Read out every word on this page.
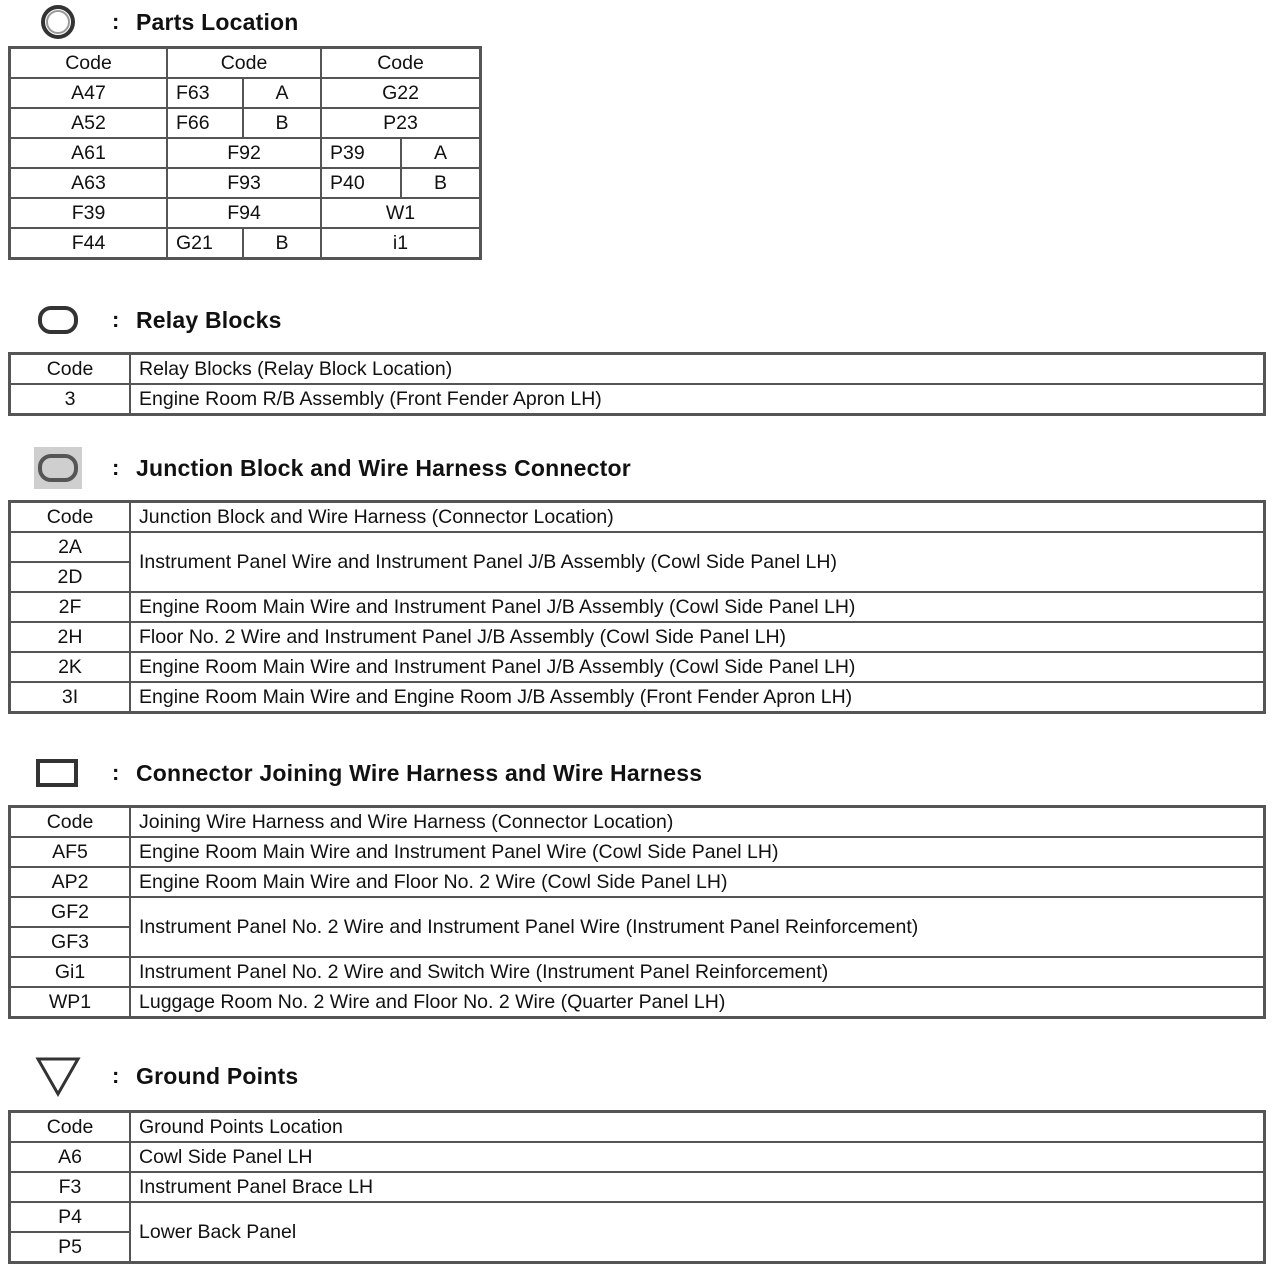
: Parts Location
Code	Code		Code	
A47	F63	A	G22	
A52	F66	B	P23	
A61	F92		P39	A
A63	F93		P40	B
F39	F94		W1	
F44	G21	B	i1	
: Relay Blocks
Code	Relay Blocks (Relay Block Location)
3	Engine Room R/B Assembly (Front Fender Apron LH)
: Junction Block and Wire Harness Connector
Code	Junction Block and Wire Harness (Connector Location)
2A	Instrument Panel Wire and Instrument Panel J/B Assembly (Cowl Side Panel LH)
2D	
2F	Engine Room Main Wire and Instrument Panel J/B Assembly (Cowl Side Panel LH)
2H	Floor No. 2 Wire and Instrument Panel J/B Assembly (Cowl Side Panel LH)
2K	Engine Room Main Wire and Instrument Panel J/B Assembly (Cowl Side Panel LH)
3I	Engine Room Main Wire and Engine Room J/B Assembly (Front Fender Apron LH)
: Connector Joining Wire Harness and Wire Harness
Code	Joining Wire Harness and Wire Harness (Connector Location)
AF5	Engine Room Main Wire and Instrument Panel Wire (Cowl Side Panel LH)
AP2	Engine Room Main Wire and Floor No. 2 Wire (Cowl Side Panel LH)
GF2	Instrument Panel No. 2 Wire and Instrument Panel Wire (Instrument Panel Reinforcement)
GF3	
Gi1	Instrument Panel No. 2 Wire and Switch Wire (Instrument Panel Reinforcement)
WP1	Luggage Room No. 2 Wire and Floor No. 2 Wire (Quarter Panel LH)
: Ground Points
Code	Ground Points Location
A6	Cowl Side Panel LH
F3	Instrument Panel Brace LH
P4	Lower Back Panel
P5	
